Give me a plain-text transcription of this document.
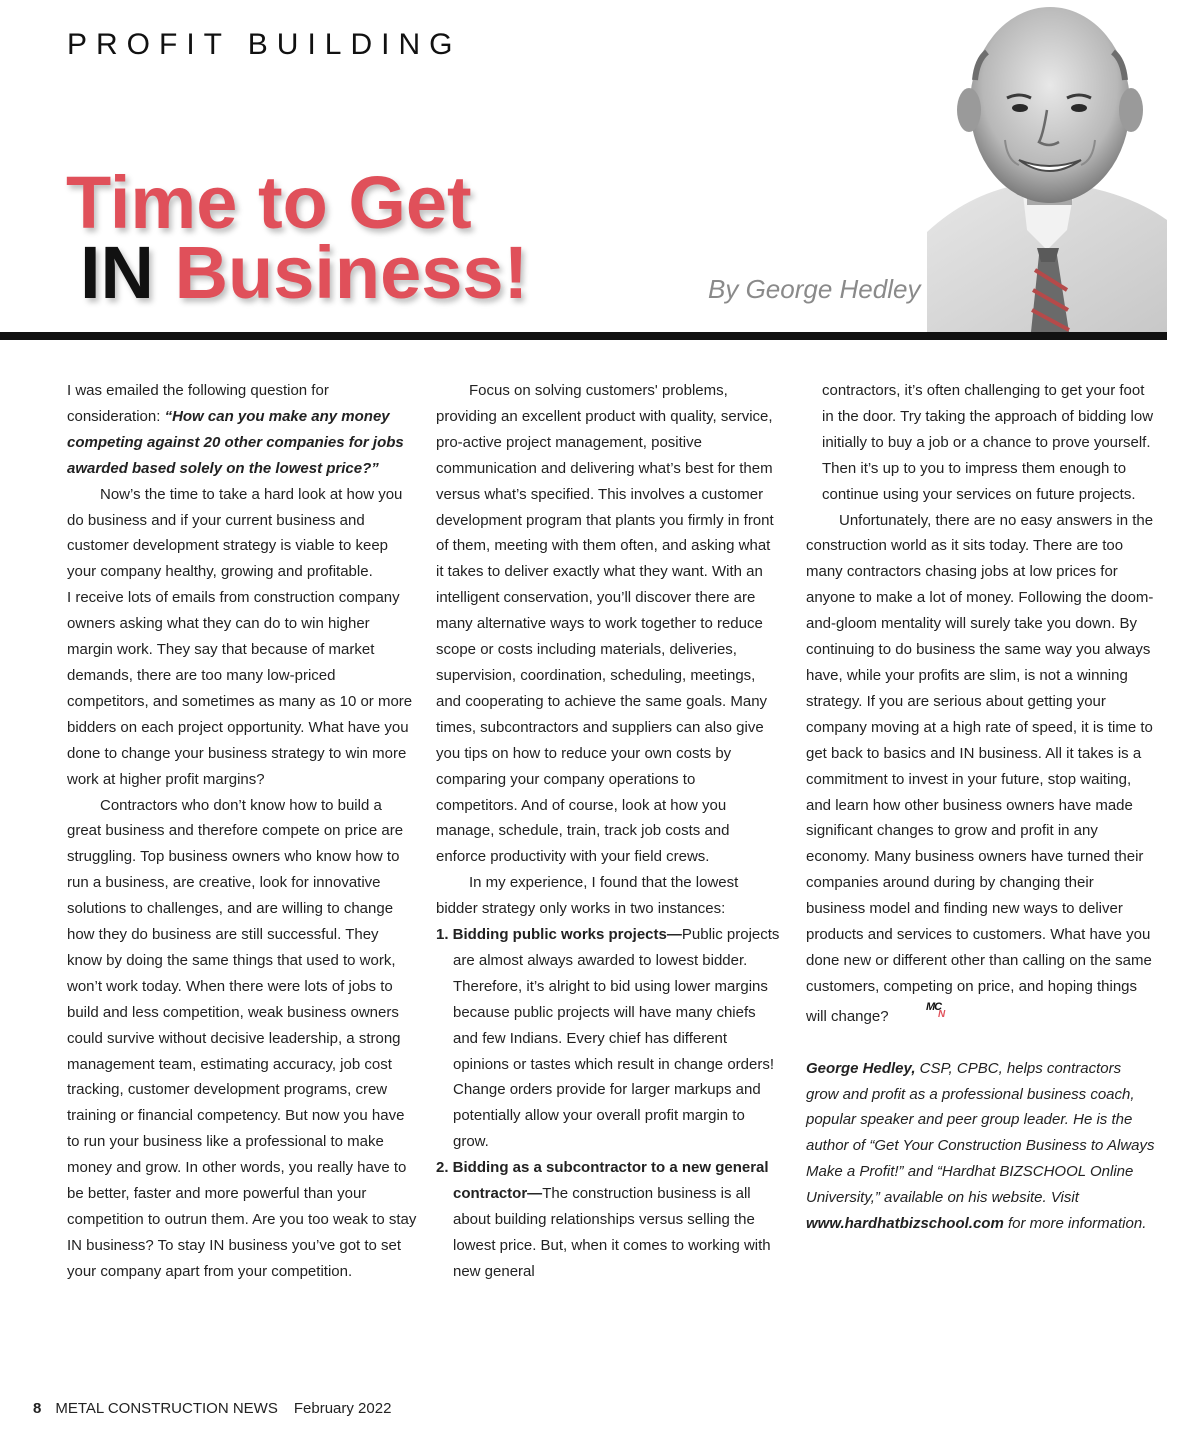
PROFIT BUILDING
Time to Get
IN Business!	By George Hedley

I was emailed the following question for consideration: “How can you make any money competing against 20 other companies for jobs awarded based solely on the lowest price?”

Now’s the time to take a hard look at how you do business and if your current business and customer development strategy is viable to keep your company healthy, growing and profitable.

I receive lots of emails from construction company owners asking what they can do to win higher margin work. They say that because of market demands, there are too many low-priced competitors, and sometimes as many as 10 or more bidders on each project opportunity. What have you done to change your business strategy to win more work at higher profit margins?

Contractors who don’t know how to build a great business and therefore compete on price are struggling. Top business owners who know how to run a business, are creative, look for innovative solutions to challenges, and are willing to change how they do business are still successful. They know by doing the same things that used to work, won’t work today. When there were lots of jobs to build and less competition, weak business owners could survive without decisive leadership, a strong management team, estimating accuracy, job cost tracking, customer development programs, crew training or financial competency. But now you have to run your business like a professional to make money and grow. In other words, you really have to be better, faster and more powerful than your competition to outrun them. Are you too weak to stay IN business? To stay IN business you’ve got to set your company apart from your competition.

Focus on solving customers' problems, providing an excellent product with quality, service, pro-active project management, positive communication and delivering what’s best for them versus what’s specified. This involves a customer development program that plants you firmly in front of them, meeting with them often, and asking what it takes to deliver exactly what they want. With an intelligent conservation, you’ll discover there are many alternative ways to work together to reduce scope or costs including materials, deliveries, supervision, coordination, scheduling, meetings, and cooperating to achieve the same goals. Many times, subcontractors and suppliers can also give you tips on how to reduce your own costs by comparing your company operations to competitors. And of course, look at how you manage, schedule, train, track job costs and enforce productivity with your field crews.

In my experience, I found that the lowest bidder strategy only works in two instances:

1. Bidding public works projects—Public projects are almost always awarded to lowest bidder. Therefore, it’s alright to bid using lower margins because public projects will have many chiefs and few Indians. Every chief has different opinions or tastes which result in change orders! Change orders provide for larger markups and potentially allow your overall profit margin to grow.

2. Bidding as a subcontractor to a new general contractor—The construction business is all about building relationships versus selling the lowest price. But, when it comes to working with new general

contractors, it’s often challenging to get your foot in the door. Try taking the approach of bidding low initially to buy a job or a chance to prove yourself. Then it’s up to you to impress them enough to continue using your services on future projects.

Unfortunately, there are no easy answers in the construction world as it sits today. There are too many contractors chasing jobs at low prices for anyone to make a lot of money. Following the doom-and-gloom mentality will surely take you down. By continuing to do business the same way you always have, while your profits are slim, is not a winning strategy. If you are serious about getting your company moving at a high rate of speed, it is time to get back to basics and IN business. All it takes is a commitment to invest in your future, stop waiting, and learn how other business owners have made significant changes to grow and profit in any economy. Many business owners have turned their companies around during by changing their business model and finding new ways to deliver products and services to customers. What have you done new or different other than calling on the same customers, competing on price, and hoping things will change?
MC
N

George Hedley, CSP, CPBC, helps contractors grow and profit as a professional business coach, popular speaker and peer group leader. He is the author of “Get Your Construction Business to Always Make a Profit!” and “Hardhat BIZSCHOOL Online University,” available on his website. Visit www.hardhatbizschool.com for more information.

8 METAL CONSTRUCTION NEWS February 2022
